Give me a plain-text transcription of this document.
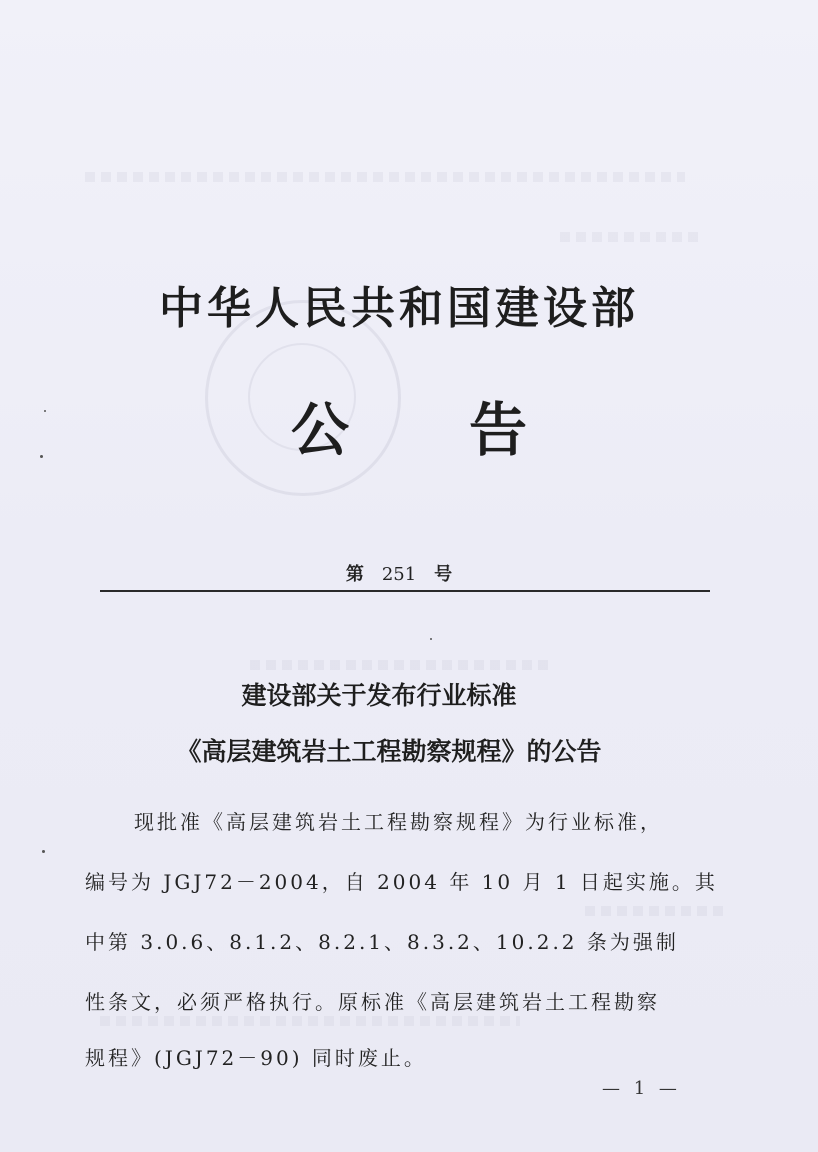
中华人民共和国建设部
公 告
第 251 号
建设部关于发布行业标准
《高层建筑岩土工程勘察规程》的公告
现批准《高层建筑岩土工程勘察规程》为行业标准，
编号为 JGJ72－2004，自 2004 年 10 月 1 日起实施。其
中第 3.0.6、8.1.2、8.2.1、8.3.2、10.2.2 条为强制
性条文，必须严格执行。原标准《高层建筑岩土工程勘察
规程》(JGJ72－90) 同时废止。
— 1 —
